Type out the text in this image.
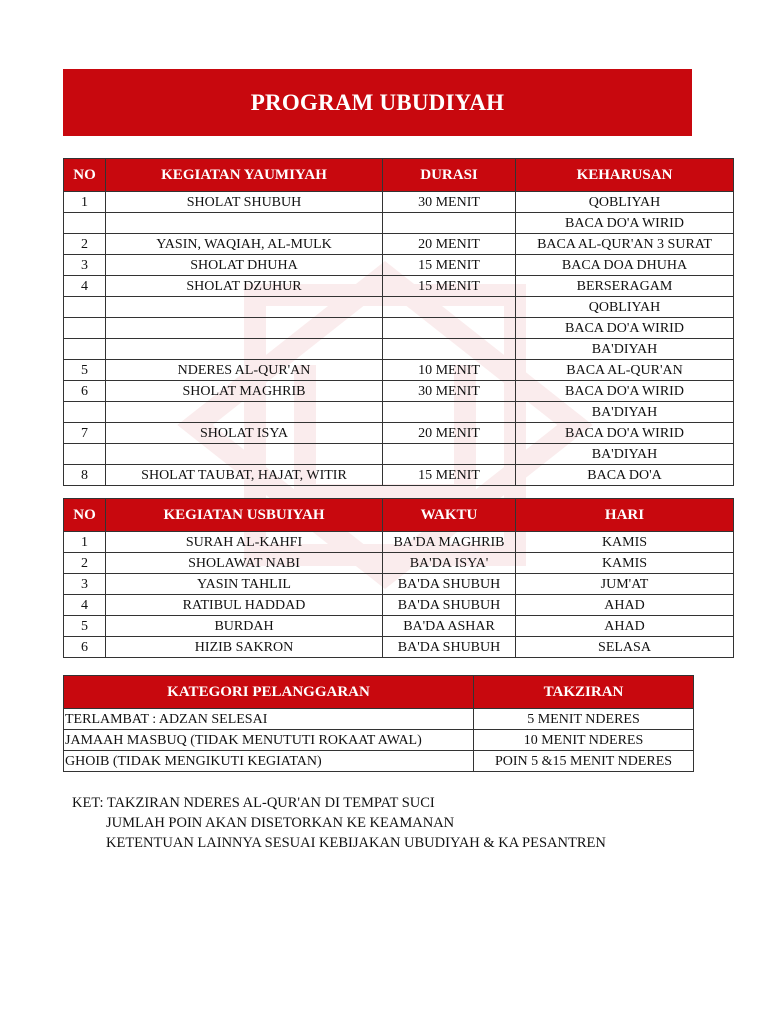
PROGRAM UBUDIYAH
NO	KEGIATAN YAUMIYAH	DURASI	KEHARUSAN
1	SHOLAT SHUBUH	30 MENIT	QOBLIYAH
			BACA DO'A WIRID
2	YASIN, WAQIAH, AL-MULK	20 MENIT	BACA AL-QUR'AN 3 SURAT
3	SHOLAT DHUHA	15 MENIT	BACA DOA DHUHA
4	SHOLAT DZUHUR	15 MENIT	BERSERAGAM
			QOBLIYAH
			BACA DO'A WIRID
			BA'DIYAH
5	NDERES AL-QUR'AN	10 MENIT	BACA AL-QUR'AN
6	SHOLAT MAGHRIB	30 MENIT	BACA DO'A WIRID
			BA'DIYAH
7	SHOLAT ISYA	20 MENIT	BACA DO'A WIRID
			BA'DIYAH
8	SHOLAT TAUBAT, HAJAT, WITIR	15 MENIT	BACA DO'A
NO	KEGIATAN USBUIYAH	WAKTU	HARI
1	SURAH AL-KAHFI	BA'DA MAGHRIB	KAMIS
2	SHOLAWAT NABI	BA'DA ISYA'	KAMIS
3	YASIN TAHLIL	BA'DA SHUBUH	JUM'AT
4	RATIBUL HADDAD	BA'DA SHUBUH	AHAD
5	BURDAH	BA'DA ASHAR	AHAD
6	HIZIB SAKRON	BA'DA SHUBUH	SELASA
KATEGORI PELANGGARAN	TAKZIRAN
TERLAMBAT : ADZAN SELESAI	5 MENIT NDERES
JAMAAH MASBUQ (TIDAK MENUTUTI ROKAAT AWAL)	10 MENIT NDERES
GHOIB (TIDAK MENGIKUTI KEGIATAN)	POIN 5 &15 MENIT NDERES
KET: TAKZIRAN NDERES AL-QUR'AN DI TEMPAT SUCI
JUMLAH POIN AKAN DISETORKAN KE KEAMANAN
KETENTUAN LAINNYA SESUAI KEBIJAKAN UBUDIYAH & KA PESANTREN
